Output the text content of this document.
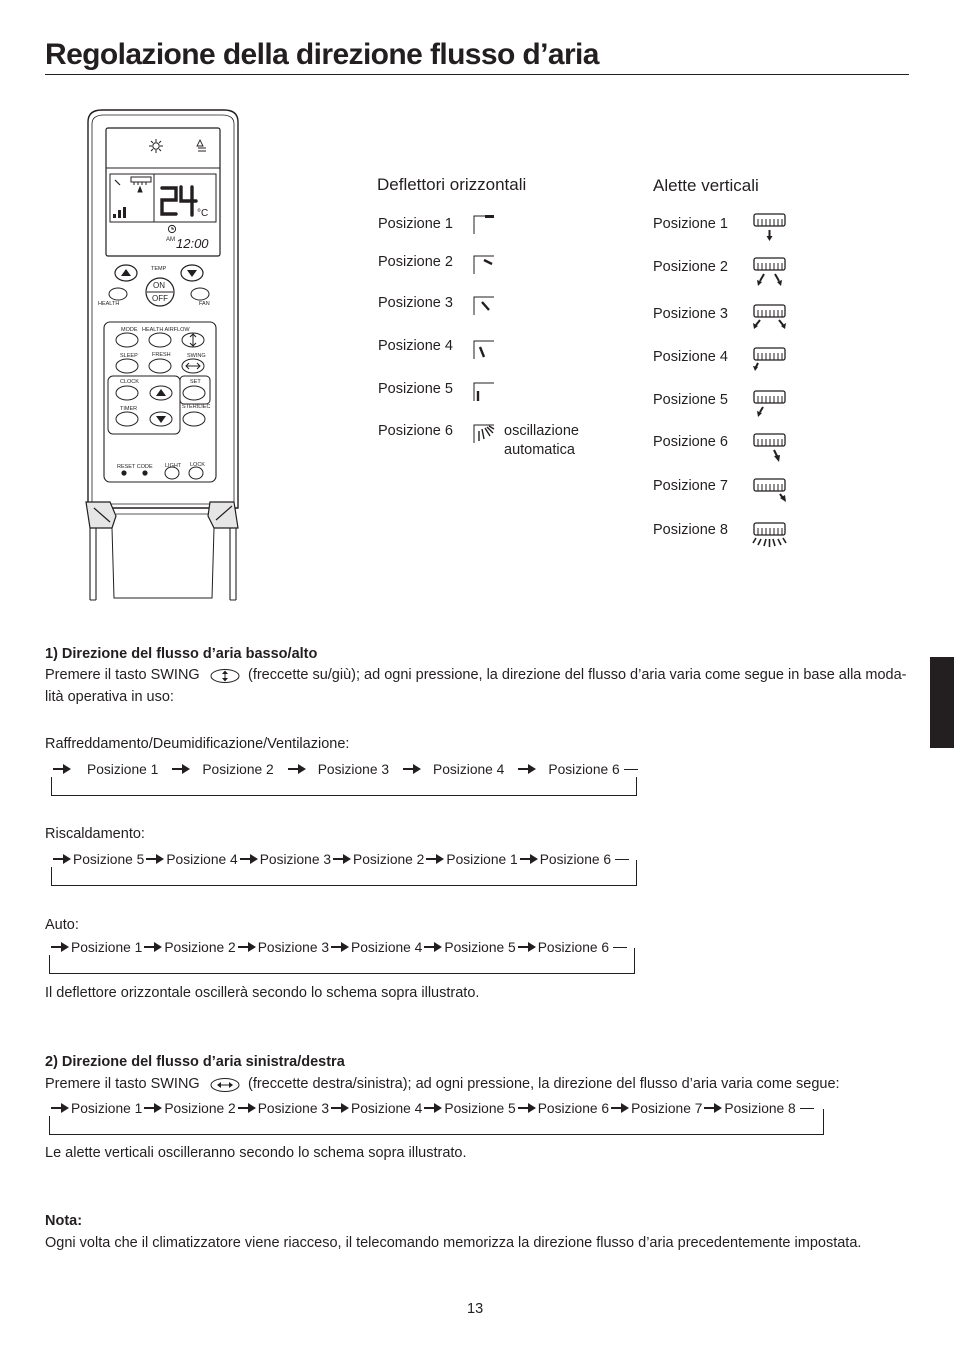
Regolazione della direzione flusso d’aria
°C
TEMP
ON
OFF
HEALTH	FAN
MODE HEALTH AIRFLOW
SLEEP	FRESH	SWING
CLOCK	SET
TIMER	STERILIEC
RESET CODE LIGHT LOCK
AM 12:00
Deflettori orizzontali
Posizione 1
Posizione 2
Posizione 3
Posizione 4
Posizione 5
Posizione 6	oscillazione
automatica
Alette verticali
Posizione 1
Posizione 2
Posizione 3
Posizione 4
Posizione 5
Posizione 6
Posizione 7
Posizione 8
1) Direzione del flusso d’aria basso/alto
Premere il tasto SWING	(freccette su/giù); ad ogni pressione, la direzione del flusso d’aria varia come segue in base alla moda-
lità operativa in uso:
Raffreddamento/Deumidificazione/Ventilazione:
Posizione 1	Posizione 2	Posizione 3	Posizione 4	Posizione 6
Riscaldamento:
Posizione 5 Posizione 4 Posizione 3 Posizione 2 Posizione 1 Posizione 6
Auto:
Posizione 1 Posizione 2 Posizione 3 Posizione 4 Posizione 5 Posizione 6
Il deflettore orizzontale oscillerà secondo lo schema sopra illustrato.
2) Direzione del flusso d’aria sinistra/destra
Premere il tasto SWING	(freccette destra/sinistra); ad ogni pressione, la direzione del flusso d’aria varia come segue:
Posizione 1 Posizione 2 Posizione 3 Posizione 4 Posizione 5 Posizione 6 Posizione 7 Posizione 8
Le alette verticali oscilleranno secondo lo schema sopra illustrato.
Nota:
Ogni volta che il climatizzatore viene riacceso, il telecomando memorizza la direzione flusso d’aria precedentemente impostata.
13
